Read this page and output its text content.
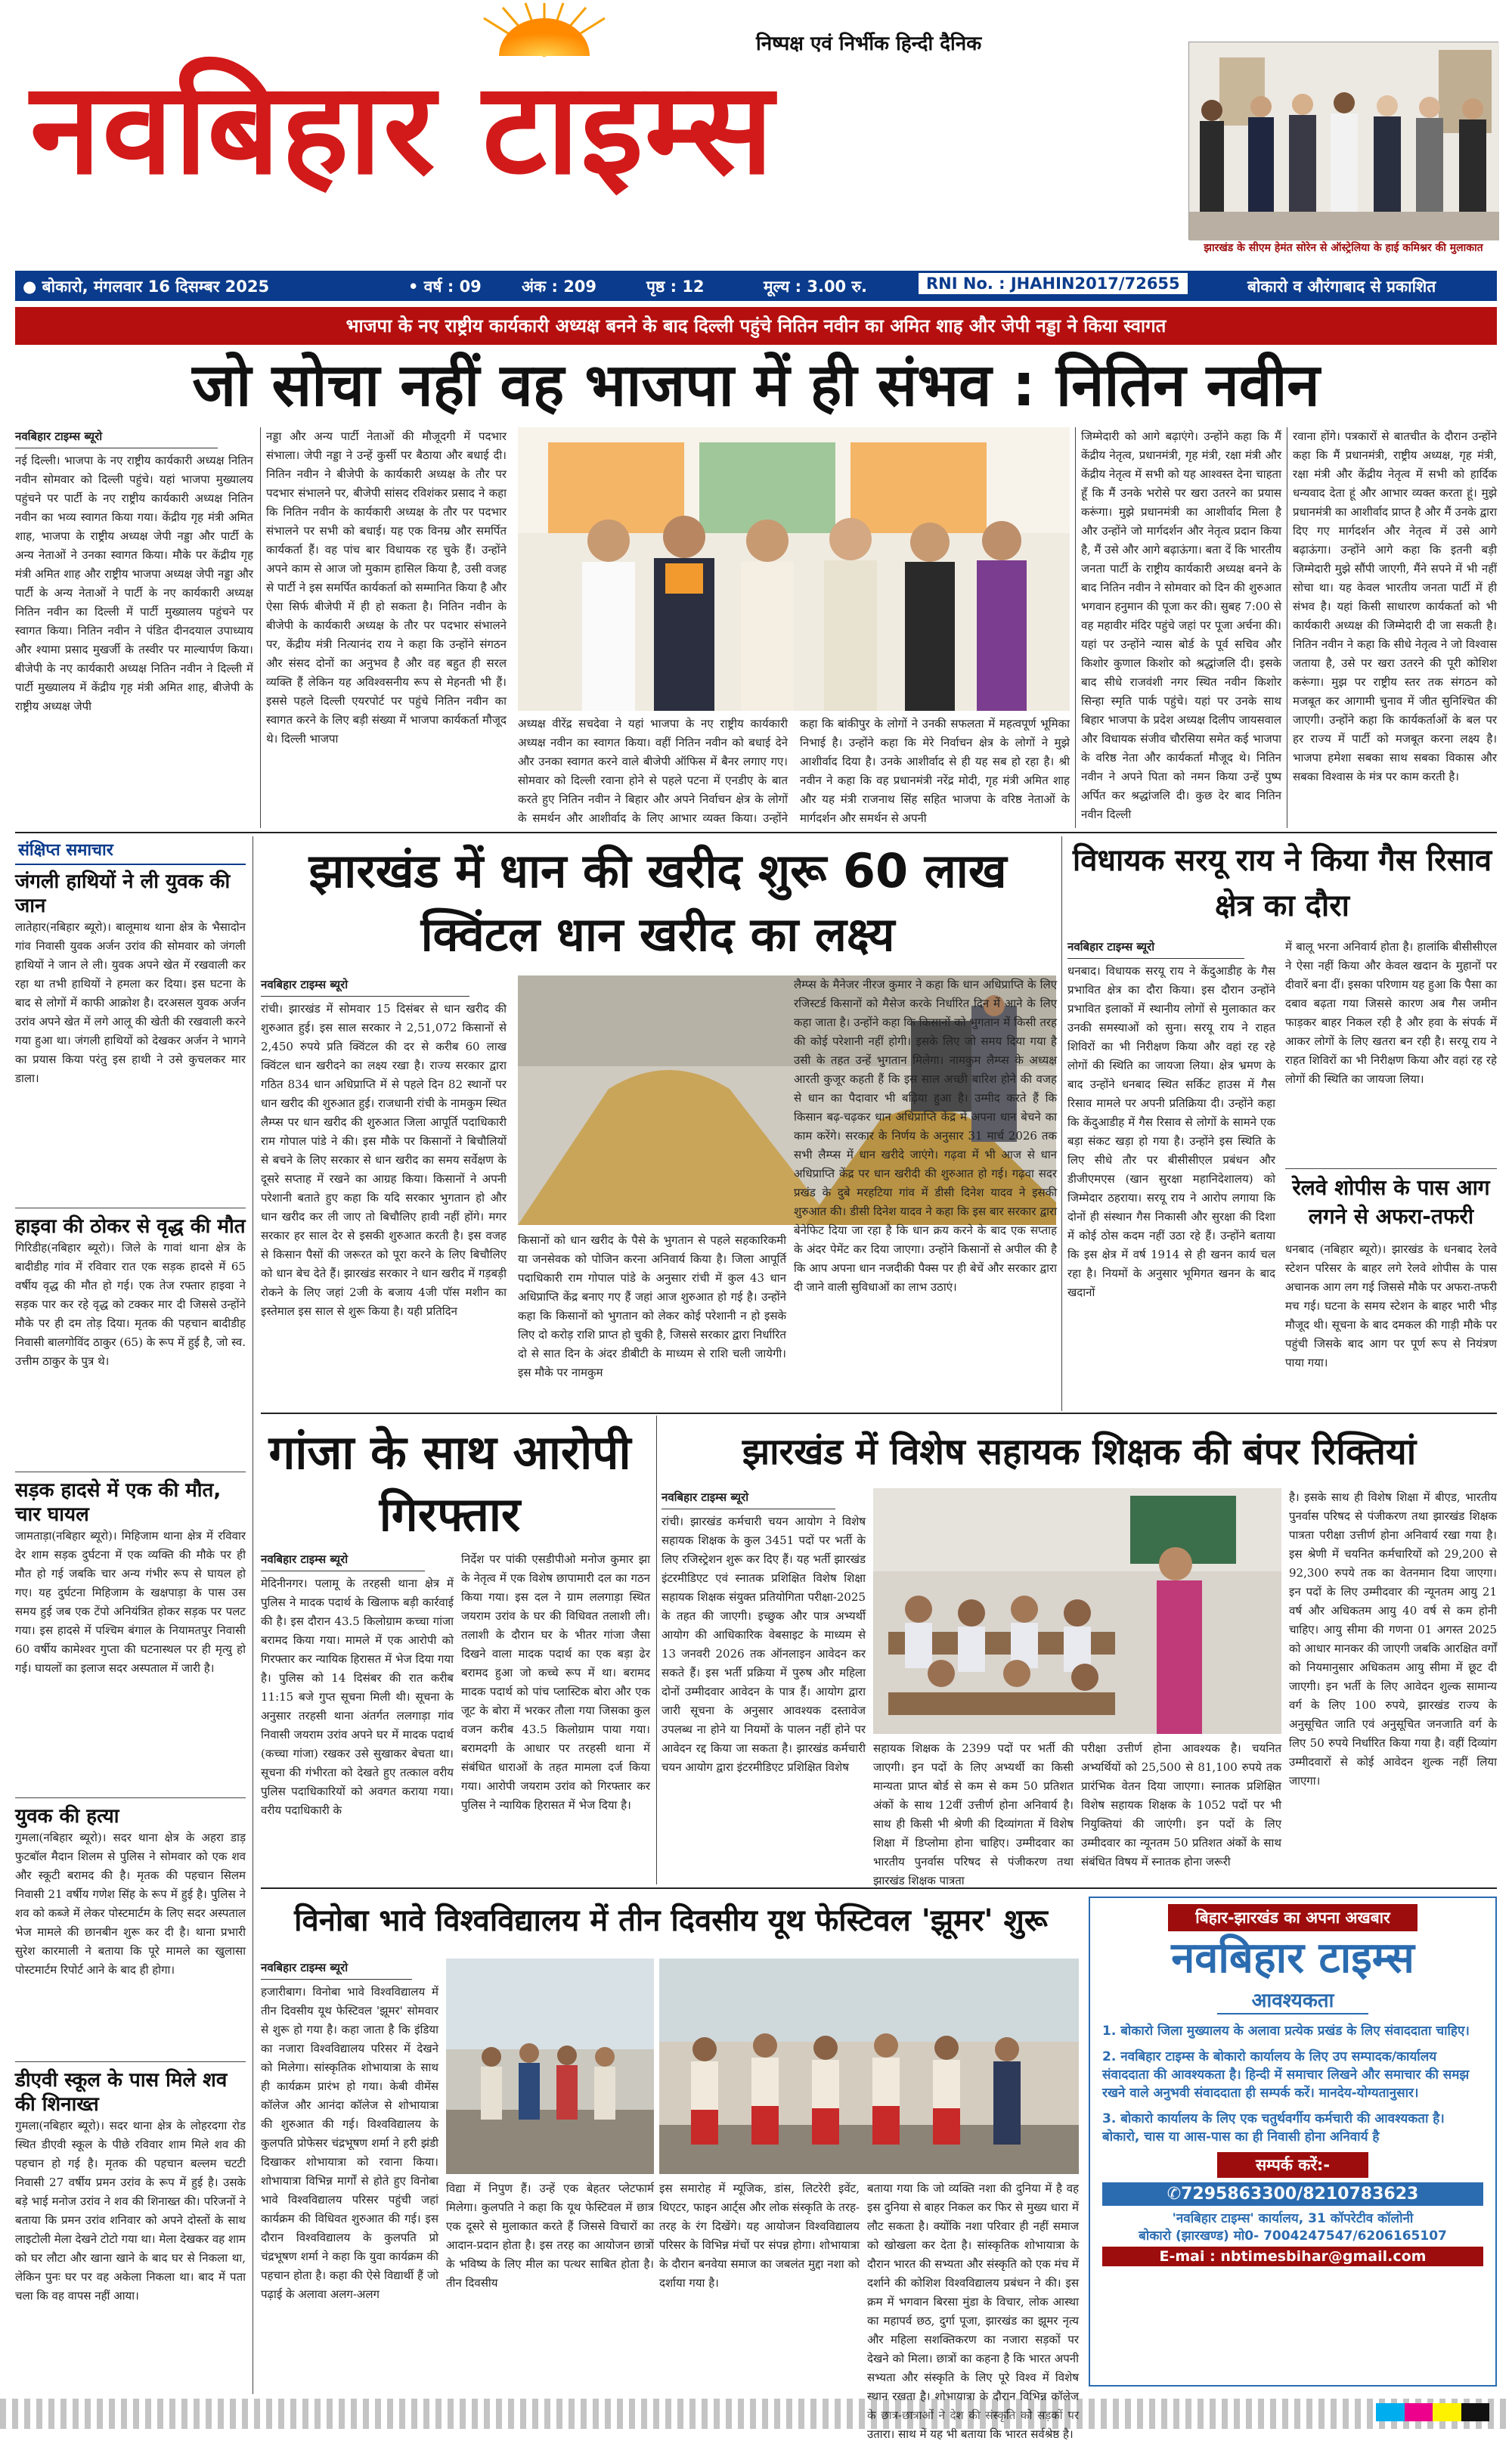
निष्पक्ष एवं निर्भीक हिन्दी दैनिक
नवबिहार टाइम्स
झारखंड के सीएम हेमंत सोरेन से ऑस्ट्रेलिया के हाई कमिश्नर की मुलाकात
● बोकारो, मंगलवार 16 दिसम्बर 2025	• वर्ष : 09	अंक : 209	पृष्ठ : 12	मूल्य : 3.00 रु.	RNI No. : JHAHIN2017/72655	बोकारो व औरंगाबाद से प्रकाशित
भाजपा के नए राष्ट्रीय कार्यकारी अध्यक्ष बनने के बाद दिल्ली पहुंचे नितिन नवीन का अमित शाह और जेपी नड्डा ने किया स्वागत
जो सोचा नहीं वह भाजपा में ही संभव : नितिन नवीन
नवबिहार टाइम्स ब्यूरो
नई दिल्ली। भाजपा के नए राष्ट्रीय कार्यकारी अध्यक्ष नितिन नवीन सोमवार को दिल्ली पहुंचे। यहां भाजपा मुख्यालय पहुंचने पर पार्टी के नए राष्ट्रीय कार्यकारी अध्यक्ष नितिन नवीन का भव्य स्वागत किया गया। केंद्रीय गृह मंत्री अमित शाह, भाजपा के राष्ट्रीय अध्यक्ष जेपी नड्डा और पार्टी के अन्य नेताओं ने उनका स्वागत किया। मौके पर केंद्रीय गृह मंत्री अमित शाह और राष्ट्रीय भाजपा अध्यक्ष जेपी नड्डा और पार्टी के अन्य नेताओं ने पार्टी के नए कार्यकारी अध्यक्ष नितिन नवीन का दिल्ली में पार्टी मुख्यालय पहुंचने पर स्वागत किया। नितिन नवीन ने पंडित दीनदयाल उपाध्याय और श्यामा प्रसाद मुखर्जी के तस्वीर पर माल्यार्पण किया। बीजेपी के नए कार्यकारी अध्यक्ष नितिन नवीन ने दिल्ली में पार्टी मुख्यालय में केंद्रीय गृह मंत्री अमित शाह, बीजेपी के राष्ट्रीय अध्यक्ष जेपी
नड्डा और अन्य पार्टी नेताओं की मौजूदगी में पदभार संभाला। जेपी नड्डा ने उन्हें कुर्सी पर बैठाया और बधाई दी। नितिन नवीन ने बीजेपी के कार्यकारी अध्यक्ष के तौर पर पदभार संभालने पर, बीजेपी सांसद रविशंकर प्रसाद ने कहा कि नितिन नवीन के कार्यकारी अध्यक्ष के तौर पर पदभार संभालने पर सभी को बधाई। यह एक विनम्र और समर्पित कार्यकर्ता हैं। वह पांच बार विधायक रह चुके हैं। उन्होंने अपने काम से आज जो मुकाम हासिल किया है, उसी वजह से पार्टी ने इस समर्पित कार्यकर्ता को सम्मानित किया है और ऐसा सिर्फ बीजेपी में ही हो सकता है। नितिन नवीन के बीजेपी के कार्यकारी अध्यक्ष के तौर पर पदभार संभालने पर, केंद्रीय मंत्री नित्यानंद राय ने कहा कि उन्होंने संगठन और संसद दोनों का अनुभव है और वह बहुत ही सरल व्यक्ति हैं लेकिन यह अविश्वसनीय रूप से मेहनती भी हैं। इससे पहले दिल्ली एयरपोर्ट पर पहुंचे नितिन नवीन का स्वागत करने के लिए बड़ी संख्या में भाजपा कार्यकर्ता मौजूद थे। दिल्ली भाजपा
अध्यक्ष वीरेंद्र सचदेवा ने यहां भाजपा के नए राष्ट्रीय कार्यकारी अध्यक्ष नवीन का स्वागत किया। वहीं नितिन नवीन को बधाई देने और उनका स्वागत करने वाले बीजेपी ऑफिस में बैनर लगाए गए। सोमवार को दिल्ली रवाना होने से पहले पटना में एनडीए के बात करते हुए नितिन नवीन ने बिहार और अपने निर्वाचन क्षेत्र के लोगों के समर्थन और आशीर्वाद के लिए आभार व्यक्त किया। उन्होंने कहा कि बांकीपुर के लोगों ने उनकी सफलता में महत्वपूर्ण भूमिका निभाई है। उन्होंने कहा कि मेरे निर्वाचन क्षेत्र के लोगों ने मुझे आशीर्वाद दिया है। उनके आशीर्वाद से ही यह सब हो रहा है। श्री नवीन ने कहा कि वह प्रधानमंत्री नरेंद्र मोदी, गृह मंत्री अमित शाह और यह मंत्री राजनाथ सिंह सहित भाजपा के वरिष्ठ नेताओं के मार्गदर्शन और समर्थन से अपनी
जिम्मेदारी को आगे बढ़ाएंगे। उन्होंने कहा कि मैं केंद्रीय नेतृत्व, प्रधानमंत्री, गृह मंत्री, रक्षा मंत्री और केंद्रीय नेतृत्व में सभी को यह आश्वस्त देना चाहता हूँ कि मैं उनके भरोसे पर खरा उतरने का प्रयास करूंगा। मुझे प्रधानमंत्री का आशीर्वाद मिला है और उन्होंने जो मार्गदर्शन और नेतृत्व प्रदान किया है, मैं उसे और आगे बढ़ाऊंगा। बता दें कि भारतीय जनता पार्टी के राष्ट्रीय कार्यकारी अध्यक्ष बनने के बाद नितिन नवीन ने सोमवार को दिन की शुरुआत भगवान हनुमान की पूजा कर की। सुबह 7:00 से वह महावीर मंदिर पहुंचे जहां पर पूजा अर्चना की। यहां पर उन्होंने न्यास बोर्ड के पूर्व सचिव और किशोर कुणाल किशोर को श्रद्धांजलि दी। इसके बाद सीधे राजवंशी नगर स्थित नवीन किशोर सिन्हा स्मृति पार्क पहुंचे। यहां पर उनके साथ बिहार भाजपा के प्रदेश अध्यक्ष दिलीप जायसवाल और विधायक संजीव चौरसिया समेत कई भाजपा के वरिष्ठ नेता और कार्यकर्ता मौजूद थे। नितिन नवीन ने अपने पिता को नमन किया उन्हें पुष्प अर्पित कर श्रद्धांजलि दी। कुछ देर बाद नितिन नवीन दिल्ली
रवाना होंगे। पत्रकारों से बातचीत के दौरान उन्होंने कहा कि मैं प्रधानमंत्री, राष्ट्रीय अध्यक्ष, गृह मंत्री, रक्षा मंत्री और केंद्रीय नेतृत्व में सभी को हार्दिक धन्यवाद देता हूं और आभार व्यक्त करता हूं। मुझे प्रधानमंत्री का आशीर्वाद प्राप्त है और मैं उनके द्वारा दिए गए मार्गदर्शन और नेतृत्व में उसे आगे बढ़ाऊंगा। उन्होंने आगे कहा कि इतनी बड़ी जिम्मेदारी मुझे सौंपी जाएगी, मैंने सपने में भी नहीं सोचा था। यह केवल भारतीय जनता पार्टी में ही संभव है। यहां किसी साधारण कार्यकर्ता को भी कार्यकारी अध्यक्ष की जिम्मेदारी दी जा सकती है। नितिन नवीन ने कहा कि सीधे नेतृत्व ने जो विश्वास जताया है, उसे पर खरा उतरने की पूरी कोशिश करूंगा। मुझ पर राष्ट्रीय स्तर तक संगठन को मजबूत कर आगामी चुनाव में जीत सुनिश्चित की जाएगी। उन्होंने कहा कि कार्यकर्ताओं के बल पर हर राज्य में पार्टी को मजबूत करना लक्ष्य है। भाजपा हमेशा सबका साथ सबका विकास और सबका विश्वास के मंत्र पर काम करती है।
संक्षिप्त समाचार
जंगली हाथियों ने ली युवक की जान
लातेहार(नबिहार ब्यूरो)। बालूमाथ थाना क्षेत्र के भैसादोन गांव निवासी युवक अर्जन उरांव की सोमवार को जंगली हाथियों ने जान ले ली। युवक अपने खेत में रखवाली कर रहा था तभी हाथियों ने हमला कर दिया। इस घटना के बाद से लोगों में काफी आक्रोश है। दरअसल युवक अर्जन उरांव अपने खेत में लगे आलू की खेती की रखवाली करने गया हुआ था। जंगली हाथियों को देखकर अर्जन ने भागने का प्रयास किया परंतु इस हाथी ने उसे कुचलकर मार डाला।
हाइवा की ठोकर से वृद्ध की मौत
गिरिडीह(नबिहार ब्यूरो)। जिले के गावां थाना क्षेत्र के बादीडीह गांव में रविवार रात एक सड़क हादसे में 65 वर्षीय वृद्ध की मौत हो गई। एक तेज रफ्तार हाइवा ने सड़क पार कर रहे वृद्ध को टक्कर मार दी जिससे उन्होंने मौके पर ही दम तोड़ दिया। मृतक की पहचान बादीडीह निवासी बालगोविंद ठाकुर (65) के रूप में हुई है, जो स्व. उत्तीम ठाकुर के पुत्र थे।
सड़क हादसे में एक की मौत, चार घायल
जामताड़ा(नबिहार ब्यूरो)। मिहिजाम थाना क्षेत्र में रविवार देर शाम सड़क दुर्घटना में एक व्यक्ति की मौके पर ही मौत हो गई जबकि चार अन्य गंभीर रूप से घायल हो गए। यह दुर्घटना मिहिजाम के खक्षपाड़ा के पास उस समय हुई जब एक टेंपो अनियंत्रित होकर सड़क पर पलट गया। इस हादसे में पश्चिम बंगाल के नियामतपुर निवासी 60 वर्षीय कामेश्वर गुप्ता की घटनास्थल पर ही मृत्यु हो गई। घायलों का इलाज सदर अस्पताल में जारी है।
युवक की हत्या
गुमला(नबिहार ब्यूरो)। सदर थाना क्षेत्र के अहरा डाड़ फुटबॉल मैदान शिलम से पुलिस ने सोमवार को एक शव और स्कूटी बरामद की है। मृतक की पहचान सिलम निवासी 21 वर्षीय गणेश सिंह के रूप में हुई है। पुलिस ने शव को कब्जे में लेकर पोस्टमार्टम के लिए सदर अस्पताल भेज मामले की छानबीन शुरू कर दी है। थाना प्रभारी सुरेश कारमाली ने बताया कि पूरे मामले का खुलासा पोस्टमार्टम रिपोर्ट आने के बाद ही होगा।
डीएवी स्कूल के पास मिले शव की शिनाख्त
गुमला(नबिहार ब्यूरो)। सदर थाना क्षेत्र के लोहरदगा रोड स्थित डीएवी स्कूल के पीछे रविवार शाम मिले शव की पहचान हो गई है। मृतक की पहचान बल्लम चटटी निवासी 27 वर्षीय प्रमन उरांव के रूप में हुई है। उसके बड़े भाई मनोज उरांव ने शव की शिनाख्त की। परिजनों ने बताया कि प्रमन उरांव शनिवार को अपने दोस्तों के साथ लाइटोली मेला देखने टोटो गया था। मेला देखकर वह शाम को घर लौटा और खाना खाने के बाद घर से निकला था, लेकिन पुनः घर पर वह अकेला निकला था। बाद में पता चला कि वह वापस नहीं आया।
झारखंड में धान की खरीद शुरू 60 लाख क्विंटल धान खरीद का लक्ष्य
नवबिहार टाइम्स ब्यूरो
रांची। झारखंड में सोमवार 15 दिसंबर से धान खरीद की शुरुआत हुई। इस साल सरकार ने 2,51,072 किसानों से 2,450 रुपये प्रति क्विंटल की दर से करीब 60 लाख क्विंटल धान खरीदने का लक्ष्य रखा है। राज्य सरकार द्वारा गठित 834 धान अधिप्राप्ति में से पहले दिन 82 स्थानों पर धान खरीद की शुरुआत हुई। राजधानी रांची के नामकुम स्थित लैम्प्स पर धान खरीद की शुरुआत जिला आपूर्ति पदाधिकारी राम गोपाल पांडे ने की। इस मौके पर किसानों ने बिचौलियों से बचने के लिए सरकार से धान खरीद का समय सर्वेक्षण के दूसरे सप्ताह में रखने का आग्रह किया। किसानों ने अपनी परेशानी बताते हुए कहा कि यदि सरकार भुगतान हो और धान खरीद कर ली जाए तो बिचौलिए हावी नहीं होंगे। मगर सरकार हर साल देर से इसकी शुरुआत करती है। इस वजह से किसान पैसों की जरूरत को पूरा करने के लिए बिचौलिए को धान बेच देते हैं। झारखंड सरकार ने धान खरीद में गड़बड़ी रोकने के लिए जहां 2जी के बजाय 4जी पॉस मशीन का इस्तेमाल इस साल से शुरू किया है। यही प्रतिदिन
किसानों को धान खरीद के पैसे के भुगतान से पहले सहकारिकमी या जनसेवक को पोजिन करना अनिवार्य किया है। जिला आपूर्ति पदाधिकारी राम गोपाल पांडे के अनुसार रांची में कुल 43 धान अधिप्राप्ति केंद्र बनाए गए हैं जहां आज शुरुआत हो गई है। उन्होंने कहा कि किसानों को भुगतान को लेकर कोई परेशानी न हो इसके लिए दो करोड़ राशि प्राप्त हो चुकी है, जिससे सरकार द्वारा निर्धारित दो से सात दिन के अंदर डीबीटी के माध्यम से राशि चली जायेगी। इस मौके पर नामकुम
लैम्प्स के मैनेजर नीरज कुमार ने कहा कि धान अधिप्राप्ति के लिए रजिस्टर्ड किसानों को मैसेज करके निर्धारित दिन में आने के लिए कहा जाता है। उन्होंने कहा कि किसानों को भुगतान में किसी तरह की कोई परेशानी नहीं होगी। इसके लिए जो समय दिया गया है उसी के तहत उन्हें भुगतान मिलेगा। नामकुम लैम्प्स के अध्यक्ष आरती कुजूर कहती हैं कि इस साल अच्छी बारिश होने की वजह से धान का पैदावार भी बढ़िया हुआ है। उम्मीद करते हैं कि किसान बढ़-चढ़कर धान अधिप्राप्ति केंद्र में अपना धान बेचने का काम करेंगे। सरकार के निर्णय के अनुसार 31 मार्च 2026 तक सभी लैम्प्स में धान खरीदे जाएंगे। गढ़वा में भी आज से धान अधिप्राप्ति केंद्र पर धान खरीदी की शुरुआत हो गई। गढ़वा सदर प्रखंड के दुबे मरहटिया गांव में डीसी दिनेश यादव ने इसकी शुरुआत की। डीसी दिनेश यादव ने कहा कि इस बार सरकार द्वारा बेनेफिट दिया जा रहा है कि धान क्रय करने के बाद एक सप्ताह के अंदर पेमेंट कर दिया जाएगा। उन्होंने किसानों से अपील की है कि आप अपना धान नजदीकी पैक्स पर ही बेचें और सरकार द्वारा दी जाने वाली सुविधाओं का लाभ उठाएं।
विधायक सरयू राय ने किया गैस रिसाव क्षेत्र का दौरा
नवबिहार टाइम्स ब्यूरो
धनबाद। विधायक सरयू राय ने केंदुआडीह के गैस प्रभावित क्षेत्र का दौरा किया। इस दौरान उन्होंने प्रभावित इलाकों में स्थानीय लोगों से मुलाकात कर उनकी समस्याओं को सुना। सरयू राय ने राहत शिविरों का भी निरीक्षण किया और वहां रह रहे लोगों की स्थिति का जायजा लिया। क्षेत्र भ्रमण के बाद उन्होंने धनबाद स्थित सर्किट हाउस में गैस रिसाव मामले पर अपनी प्रतिक्रिया दी। उन्होंने कहा कि केंदुआडीह में गैस रिसाव से लोगों के सामने एक बड़ा संकट खड़ा हो गया है। उन्होंने इस स्थिति के लिए सीधे तौर पर बीसीसीएल प्रबंधन और डीजीएमएस (खान सुरक्षा महानिदेशालय) को जिम्मेदार ठहराया। सरयू राय ने आरोप लगाया कि दोनों ही संस्थान गैस निकासी और सुरक्षा की दिशा में कोई ठोस कदम नहीं उठा रहे हैं। उन्होंने बताया कि इस क्षेत्र में वर्ष 1914 से ही खनन कार्य चल रहा है। नियमों के अनुसार भूमिगत खनन के बाद खदानों
में बालू भरना अनिवार्य होता है। हालांकि बीसीसीएल ने ऐसा नहीं किया और केवल खदान के मुहानों पर दीवारें बना दीं। इसका परिणाम यह हुआ कि पैसा का दबाव बढ़ता गया जिससे कारण अब गैस जमीन फाड़कर बाहर निकल रही है और हवा के संपर्क में आकर लोगों के लिए खतरा बन रही है। सरयू राय ने राहत शिविरों का भी निरीक्षण किया और वहां रह रहे लोगों की स्थिति का जायजा लिया।
रेलवे शोपीस के पास आग लगने से अफरा-तफरी
धनबाद (नबिहार ब्यूरो)। झारखंड के धनबाद रेलवे स्टेशन परिसर के बाहर लगे रेलवे शोपीस के पास अचानक आग लग गई जिससे मौके पर अफरा-तफरी मच गई। घटना के समय स्टेशन के बाहर भारी भीड़ मौजूद थी। सूचना के बाद दमकल की गाड़ी मौके पर पहुंची जिसके बाद आग पर पूर्ण रूप से नियंत्रण पाया गया।
गांजा के साथ आरोपी गिरफ्तार
नवबिहार टाइम्स ब्यूरो
मेदिनीनगर। पलामू के तरहसी थाना क्षेत्र में पुलिस ने मादक पदार्थ के खिलाफ बड़ी कार्रवाई की है। इस दौरान 43.5 किलोग्राम कच्चा गांजा बरामद किया गया। मामले में एक आरोपी को गिरफ्तार कर न्यायिक हिरासत में भेज दिया गया है। पुलिस को 14 दिसंबर की रात करीब 11:15 बजे गुप्त सूचना मिली थी। सूचना के अनुसार तरहसी थाना अंतर्गत ललगाड़ा गांव निवासी जयराम उरांव अपने घर में मादक पदार्थ (कच्चा गांजा) रखकर उसे सुखाकर बेचता था। सूचना की गंभीरता को देखते हुए तत्काल वरीय पुलिस पदाधिकारियों को अवगत कराया गया। वरीय पदाधिकारी के
निर्देश पर पांकी एसडीपीओ मनोज कुमार झा के नेतृत्व में एक विशेष छापामारी दल का गठन किया गया। इस दल ने ग्राम ललगाड़ा स्थित जयराम उरांव के घर की विधिवत तलाशी ली। तलाशी के दौरान घर के भीतर गांजा जैसा दिखने वाला मादक पदार्थ का एक बड़ा ढेर बरामद हुआ जो कच्चे रूप में था। बरामद मादक पदार्थ को पांच प्लास्टिक बोरा और एक जूट के बोरा में भरकर तौला गया जिसका कुल वजन करीब 43.5 किलोग्राम पाया गया। बरामदगी के आधार पर तरहसी थाना में संबंधित धाराओं के तहत मामला दर्ज किया गया। आरोपी जयराम उरांव को गिरफ्तार कर पुलिस ने न्यायिक हिरासत में भेज दिया है।
झारखंड में विशेष सहायक शिक्षक की बंपर रिक्तियां
नवबिहार टाइम्स ब्यूरो
रांची। झारखंड कर्मचारी चयन आयोग ने विशेष सहायक शिक्षक के कुल 3451 पदों पर भर्ती के लिए रजिस्ट्रेशन शुरू कर दिए हैं। यह भर्ती झारखंड इंटरमीडिएट एवं स्नातक प्रशिक्षित विशेष शिक्षा सहायक शिक्षक संयुक्त प्रतियोगिता परीक्षा-2025 के तहत की जाएगी। इच्छुक और पात्र अभ्यर्थी आयोग की आधिकारिक वेबसाइट के माध्यम से 13 जनवरी 2026 तक ऑनलाइन आवेदन कर सकते हैं। इस भर्ती प्रक्रिया में पुरुष और महिला दोनों उम्मीदवार आवेदन के पात्र हैं। आयोग द्वारा जारी सूचना के अनुसार आवश्यक दस्तावेज उपलब्ध ना होने या नियमों के पालन नहीं होने पर आवेदन रद्द किया जा सकता है। झारखंड कर्मचारी चयन आयोग द्वारा इंटरमीडिएट प्रशिक्षित विशेष
सहायक शिक्षक के 2399 पदों पर भर्ती की जाएगी। इन पदों के लिए अभ्यर्थी का किसी मान्यता प्राप्त बोर्ड से कम से कम 50 प्रतिशत अंकों के साथ 12वीं उत्तीर्ण होना अनिवार्य है। साथ ही किसी भी श्रेणी की दिव्यांगता में विशेष शिक्षा में डिप्लोमा होना चाहिए। उम्मीदवार का भारतीय पुनर्वास परिषद से पंजीकरण तथा झारखंड शिक्षक पात्रता
परीक्षा उत्तीर्ण होना आवश्यक है। चयनित अभ्यर्थियों को 25,500 से 81,100 रुपये तक प्रारंभिक वेतन दिया जाएगा। स्नातक प्रशिक्षित विशेष सहायक शिक्षक के 1052 पदों पर भी नियुक्तियां की जाएंगी। इन पदों के लिए उम्मीदवार का न्यूनतम 50 प्रतिशत अंकों के साथ संबंधित विषय में स्नातक होना जरूरी
है। इसके साथ ही विशेष शिक्षा में बीएड, भारतीय पुनर्वास परिषद से पंजीकरण तथा झारखंड शिक्षक पात्रता परीक्षा उत्तीर्ण होना अनिवार्य रखा गया है। इस श्रेणी में चयनित कर्मचारियों को 29,200 से 92,300 रुपये तक का वेतनमान दिया जाएगा। इन पदों के लिए उम्मीदवार की न्यूनतम आयु 21 वर्ष और अधिकतम आयु 40 वर्ष से कम होनी चाहिए। आयु सीमा की गणना 01 अगस्त 2025 को आधार मानकर की जाएगी जबकि आरक्षित वर्गों को नियमानुसार अधिकतम आयु सीमा में छूट दी जाएगी। इन भर्ती के लिए आवेदन शुल्क सामान्य वर्ग के लिए 100 रुपये, झारखंड राज्य के अनुसूचित जाति एवं अनुसूचित जनजाति वर्ग के लिए 50 रुपये निर्धारित किया गया है। वहीं दिव्यांग उम्मीदवारों से कोई आवेदन शुल्क नहीं लिया जाएगा।
विनोबा भावे विश्वविद्यालय में तीन दिवसीय यूथ फेस्टिवल 'झूमर' शुरू
नवबिहार टाइम्स ब्यूरो
हजारीबाग। विनोबा भावे विश्वविद्यालय में तीन दिवसीय यूथ फेस्टिवल 'झूमर' सोमवार से शुरू हो गया है। कहा जाता है कि इंडिया का नजारा विश्वविद्यालय परिसर में देखने को मिलेगा। सांस्कृतिक शोभायात्रा के साथ ही कार्यक्रम प्रारंभ हो गया। केबी वीमेंस कॉलेज और आनंदा कॉलेज से शोभायात्रा की शुरुआत की गई। विश्वविद्यालय के कुलपति प्रोफेसर चंद्रभूषण शर्मा ने हरी झंडी दिखाकर शोभायात्रा को रवाना किया। शोभायात्रा विभिन्न मार्गों से होते हुए विनोबा भावे विश्वविद्यालय परिसर पहुंची जहां कार्यक्रम की विधिवत शुरुआत की गई। इस दौरान विश्वविद्यालय के कुलपति प्रो चंद्रभूषण शर्मा ने कहा कि युवा कार्यक्रम की पहचान होता है। कहा की ऐसे विद्यार्थी हैं जो पढ़ाई के अलावा अलग-अलग
विद्या में निपुण हैं। उन्हें एक बेहतर प्लेटफार्म मिलेगा। कुलपति ने कहा कि यूथ फेस्टिवल में छात्र एक दूसरे से मुलाकात करते हैं जिससे विचारों का आदान-प्रदान होता है। इस तरह का आयोजन छात्रों के भविष्य के लिए मील का पत्थर साबित होता है। तीन दिवसीय
इस समारोह में म्यूजिक, डांस, लिटरेरी इवेंट, थिएटर, फाइन आर्ट्स और लोक संस्कृति के तरह-तरह के रंग दिखेंगे। यह आयोजन विश्वविद्यालय परिसर के विभिन्न मंचों पर संपन्न होगा। शोभायात्रा के दौरान बनवेया समाज का जबलंत मुद्दा नशा को दर्शाया गया है।
बताया गया कि जो व्यक्ति नशा की दुनिया में है वह इस दुनिया से बाहर निकल कर फिर से मुख्य धारा में लौट सकता है। क्योंकि नशा परिवार ही नहीं समाज को खोखला कर देता है। सांस्कृतिक शोभायात्रा के दौरान भारत की सभ्यता और संस्कृति को एक मंच में दर्शाने की कोशिश विश्वविद्यालय प्रबंधन ने की। इस क्रम में भगवान बिरसा मुंडा के विचार, लोक आस्था का महापर्व छठ, दुर्गा पूजा, झारखंड का झूमर नृत्य और महिला सशक्तिकरण का नजारा सड़कों पर देखने को मिला। छात्रों का कहना है कि भारत अपनी सभ्यता और संस्कृति के लिए पूरे विश्व में विशेष स्थान रखता है। शोभायात्रा के दौरान विभिन्न कॉलेज के छात्र-छात्राओं ने देश की संस्कृति को सड़कों पर उतारा। साथ में यह भी बताया कि भारत सर्वश्रेष्ठ है।
बिहार-झारखंड का अपना अखबार
नवबिहार टाइम्स
आवश्यकता
1. बोकारो जिला मुख्यालय के अलावा प्रत्येक प्रखंड के लिए संवाददाता चाहिए।
2. नवबिहार टाइम्स के बोकारो कार्यालय के लिए उप सम्पादक/कार्यालय संवाददाता की आवश्यकता है। हिन्दी में समाचार लिखने और समाचार की समझ रखने वाले अनुभवी संवाददाता ही सम्पर्क करें। मानदेय-योग्यतानुसार।
3. बोकारो कार्यालय के लिए एक चतुर्थवर्गीय कर्मचारी की आवश्यकता है। बोकारो, चास या आस-पास का ही निवासी होना अनिवार्य है
सम्पर्क करें:-
✆7295863300/8210783623
'नवबिहार टाइम्स' कार्यालय, 31 कॉपरेटीव कॉलोनी
बोकारो (झारखण्ड) मो0- 7004247547/6206165107
E-mai : nbtimesbihar@gmail.com
